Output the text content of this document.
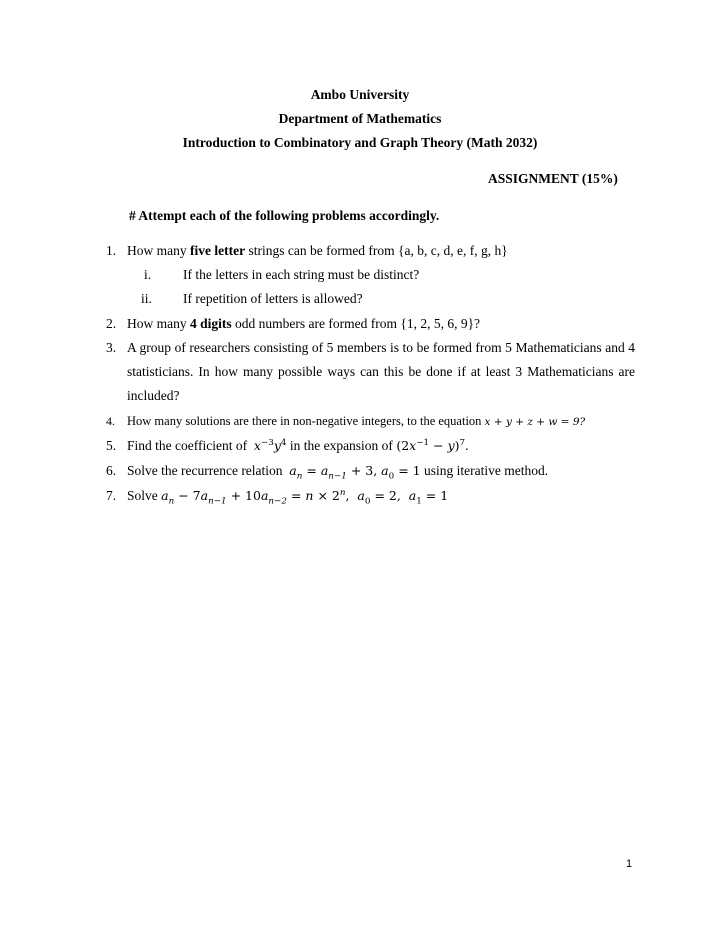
Ambo University
Department of Mathematics
Introduction to Combinatory and Graph Theory (Math 2032)
ASSIGNMENT (15%)
# Attempt each of the following problems accordingly.
1. How many five letter strings can be formed from {a, b, c, d, e, f, g, h}
i. If the letters in each string must be distinct?
ii. If repetition of letters is allowed?
2. How many 4 digits odd numbers are formed from {1, 2, 5, 6, 9}?
3. A group of researchers consisting of 5 members is to be formed from 5 Mathematicians and 4 statisticians. In how many possible ways can this be done if at least 3 Mathematicians are included?
4. How many solutions are there in non-negative integers, to the equation x + y + z + w = 9?
5. Find the coefficient of $x^{-3}y^4$ in the expansion of $(2x^{-1} - y)^7$.
6. Solve the recurrence relation $a_n = a_{n-1} + 3$, $a_0 = 1$ using iterative method.
7. Solve $a_n - 7a_{n-1} + 10a_{n-2} = n \times 2^n$,  $a_0 = 2$,  $a_1 = 1$
1
